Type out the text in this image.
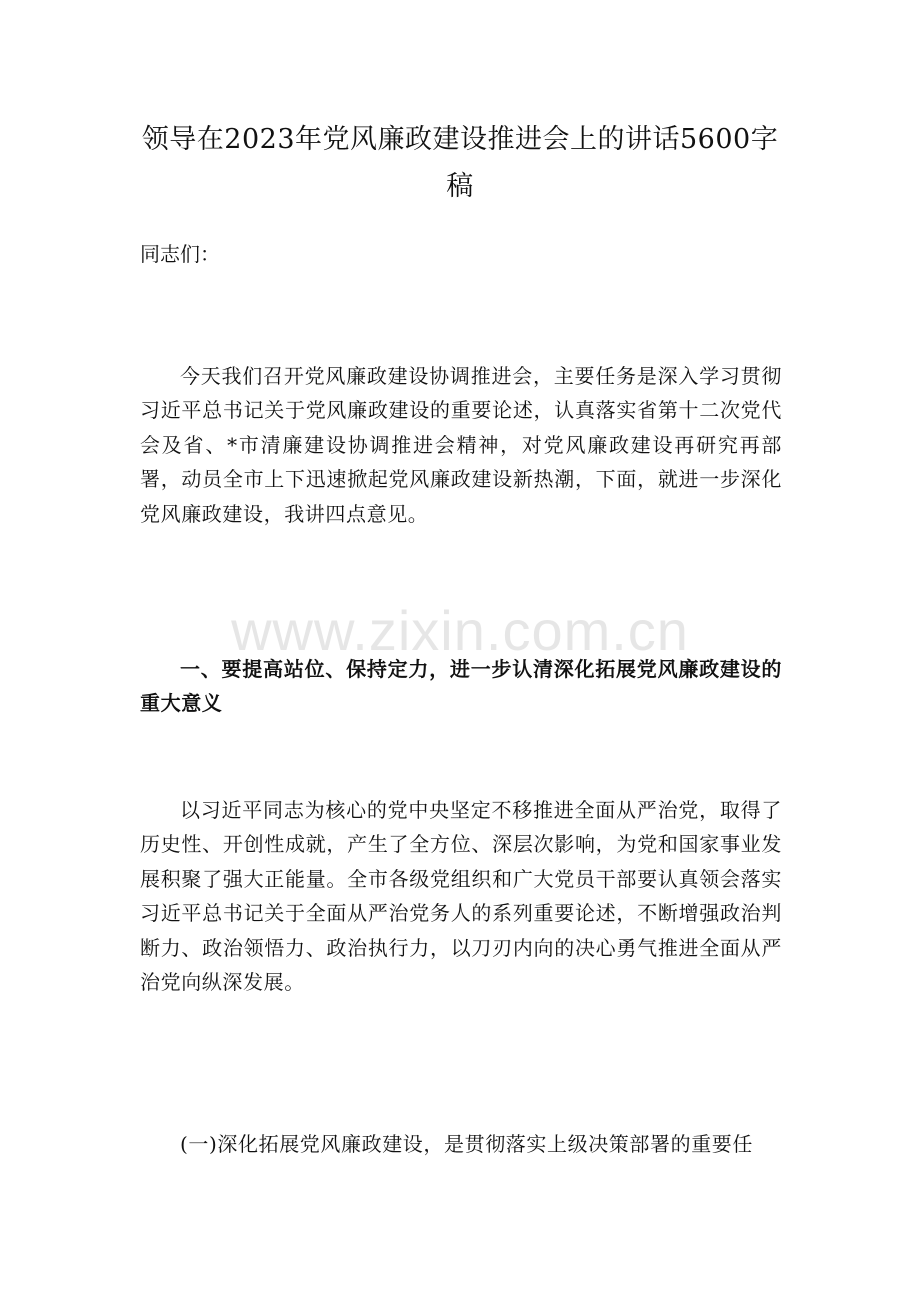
领导在2023年党风廉政建设推进会上的讲话5600字稿
同志们：
今天我们召开党风廉政建设协调推进会，主要任务是深入学习贯彻习近平总书记关于党风廉政建设的重要论述，认真落实省第十二次党代会及省、*市清廉建设协调推进会精神，对党风廉政建设再研究再部署，动员全市上下迅速掀起党风廉政建设新热潮，下面，就进一步深化党风廉政建设，我讲四点意见。
www.zixin.com.cn
一、要提高站位、保持定力，进一步认清深化拓展党风廉政建设的重大意义
以习近平同志为核心的党中央坚定不移推进全面从严治党，取得了历史性、开创性成就，产生了全方位、深层次影响，为党和国家事业发展积聚了强大正能量。全市各级党组织和广大党员干部要认真领会落实习近平总书记关于全面从严治党务人的系列重要论述，不断增强政治判断力、政治领悟力、政治执行力，以刀刃内向的决心勇气推进全面从严治党向纵深发展。
(一)深化拓展党风廉政建设，是贯彻落实上级决策部署的重要任
